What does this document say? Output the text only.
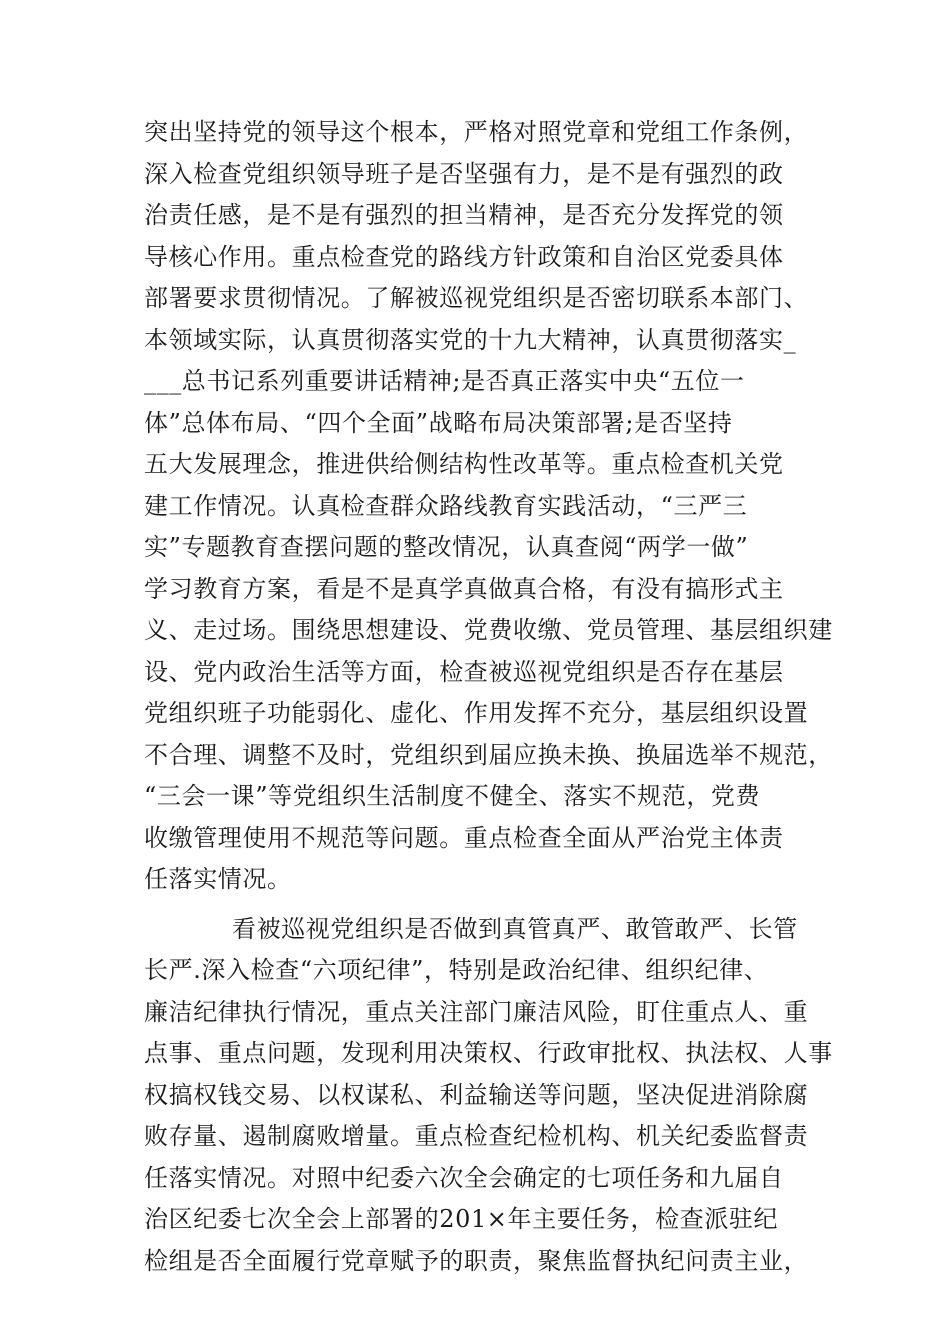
突出坚持党的领导这个根本，严格对照党章和党组工作条例，
深入检查党组织领导班子是否坚强有力，是不是有强烈的政
治责任感，是不是有强烈的担当精神，是否充分发挥党的领
导核心作用。重点检查党的路线方针政策和自治区党委具体
部署要求贯彻情况。了解被巡视党组织是否密切联系本部门、
本领域实际，认真贯彻落实党的十九大精神，认真贯彻落实_
___总书记系列重要讲话精神;是否真正落实中央“五位一
体”总体布局、“四个全面”战略布局决策部署;是否坚持
五大发展理念，推进供给侧结构性改革等。重点检查机关党
建工作情况。认真检查群众路线教育实践活动，“三严三
实”专题教育查摆问题的整改情况，认真查阅“两学一做”
学习教育方案，看是不是真学真做真合格，有没有搞形式主
义、走过场。围绕思想建设、党费收缴、党员管理、基层组织建
设、党内政治生活等方面，检查被巡视党组织是否存在基层
党组织班子功能弱化、虚化、作用发挥不充分，基层组织设置
不合理、调整不及时，党组织到届应换未换、换届选举不规范，
“三会一课”等党组织生活制度不健全、落实不规范，党费
收缴管理使用不规范等问题。重点检查全面从严治党主体责
任落实情况。
看被巡视党组织是否做到真管真严、敢管敢严、长管
长严.深入检查“六项纪律”，特别是政治纪律、组织纪律、
廉洁纪律执行情况，重点关注部门廉洁风险，盯住重点人、重
点事、重点问题，发现利用决策权、行政审批权、执法权、人事
权搞权钱交易、以权谋私、利益输送等问题，坚决促进消除腐
败存量、遏制腐败增量。重点检查纪检机构、机关纪委监督责
任落实情况。对照中纪委六次全会确定的七项任务和九届自
治区纪委七次全会上部署的201×年主要任务，检查派驻纪
检组是否全面履行党章赋予的职责，聚焦监督执纪问责主业，
